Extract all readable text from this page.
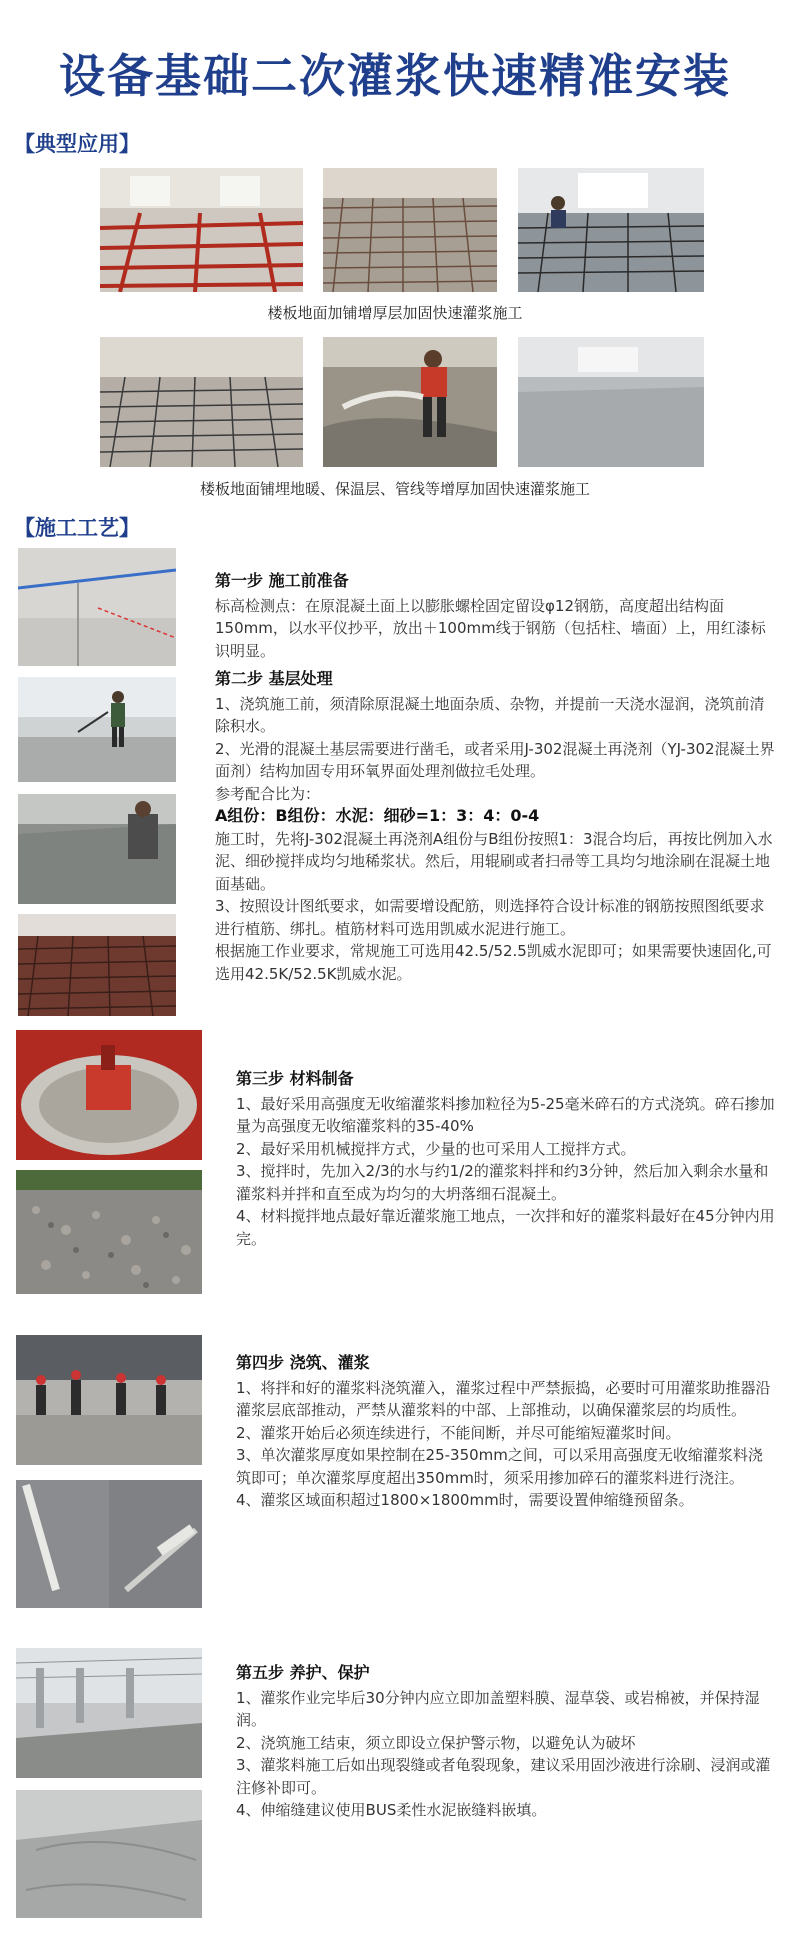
设备基础二次灌浆快速精准安装
【典型应用】
楼板地面加铺增厚层加固快速灌浆施工
楼板地面铺埋地暖、保温层、管线等增厚加固快速灌浆施工
【施工工艺】
第一步 施工前准备

标高检测点：在原混凝土面上以膨胀螺栓固定留设φ12钢筋，高度超出结构面150mm，以水平仪抄平，放出＋100mm线于钢筋（包括柱、墙面）上，用红漆标识明显。

第二步 基层处理

1、浇筑施工前，须清除原混凝土地面杂质、杂物，并提前一天浇水湿润，浇筑前清除积水。

2、光滑的混凝土基层需要进行凿毛，或者采用J-302混凝土再浇剂（YJ-302混凝土界面剂）结构加固专用环氧界面处理剂做拉毛处理。

参考配合比为：

A组份：B组份：水泥：细砂=1：3：4：0-4

施工时，先将J-302混凝土再浇剂A组份与B组份按照1：3混合均后，再按比例加入水泥、细砂搅拌成均匀地稀浆状。然后，用辊刷或者扫帚等工具均匀地涂刷在混凝土地面基础。

3、按照设计图纸要求，如需要增设配筋，则选择符合设计标准的钢筋按照图纸要求进行植筋、绑扎。植筋材料可选用凯威水泥进行施工。

根据施工作业要求，常规施工可选用42.5/52.5凯威水泥即可；如果需要快速固化,可选用42.5K/52.5K凯威水泥。

第三步 材料制备

1、最好采用高强度无收缩灌浆料掺加粒径为5-25毫米碎石的方式浇筑。碎石掺加量为高强度无收缩灌浆料的35-40%

2、最好采用机械搅拌方式，少量的也可采用人工搅拌方式。

3、搅拌时，先加入2/3的水与约1/2的灌浆料拌和约3分钟，然后加入剩余水量和灌浆料并拌和直至成为均匀的大坍落细石混凝土。

4、材料搅拌地点最好靠近灌浆施工地点，一次拌和好的灌浆料最好在45分钟内用完。

第四步 浇筑、灌浆

1、将拌和好的灌浆料浇筑灌入，灌浆过程中严禁振捣，必要时可用灌浆助推器沿灌浆层底部推动，严禁从灌浆料的中部、上部推动，以确保灌浆层的均质性。

2、灌浆开始后必须连续进行，不能间断，并尽可能缩短灌浆时间。

3、单次灌浆厚度如果控制在25-350mm之间，可以采用高强度无收缩灌浆料浇筑即可；单次灌浆厚度超出350mm时，须采用掺加碎石的灌浆料进行浇注。

4、灌浆区域面积超过1800×1800mm时，需要设置伸缩缝预留条。

第五步 养护、保护

1、灌浆作业完毕后30分钟内应立即加盖塑料膜、湿草袋、或岩棉被，并保持湿润。

2、浇筑施工结束，须立即设立保护警示物，以避免认为破坏

3、灌浆料施工后如出现裂缝或者龟裂现象，建议采用固沙液进行涂刷、浸润或灌注修补即可。

4、伸缩缝建议使用BUS柔性水泥嵌缝料嵌填。
